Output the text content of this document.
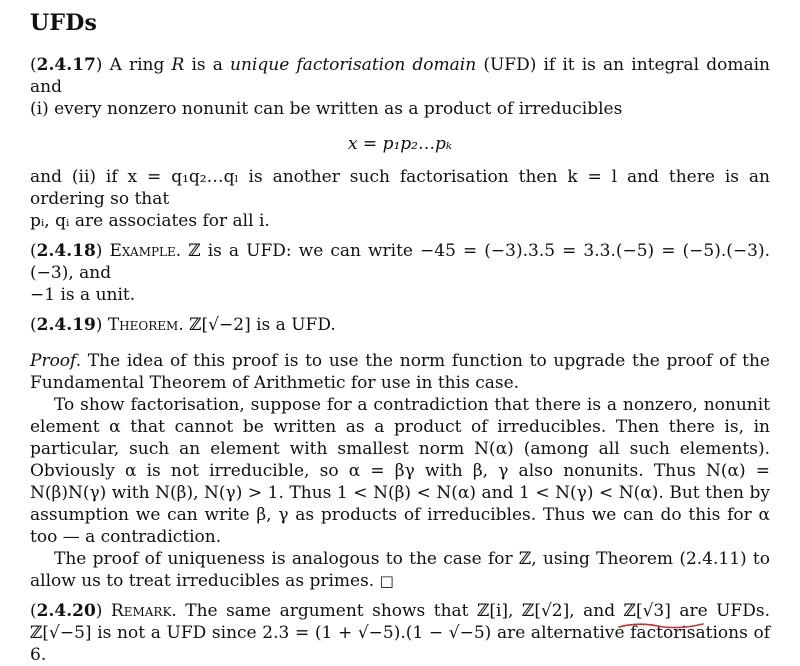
UFDs

(2.4.17) A ring R is a unique factorisation domain (UFD) if it is an integral domain and
(i) every nonzero nonunit can be written as a product of irreducibles

x = p₁p₂…pₖ

and (ii) if x = q₁q₂…qₗ is another such factorisation then k = l and there is an ordering so that
pᵢ, qᵢ are associates for all i.

(2.4.18) Example. ℤ is a UFD: we can write −45 = (−3).3.5 = 3.3.(−5) = (−5).(−3).(−3), and
−1 is a unit.

(2.4.19) Theorem. ℤ[√−2] is a UFD.

Proof. The idea of this proof is to use the norm function to upgrade the proof of the Fundamental Theorem of Arithmetic for use in this case.

To show factorisation, suppose for a contradiction that there is a nonzero, nonunit element α that cannot be written as a product of irreducibles. Then there is, in particular, such an element with smallest norm N(α) (among all such elements). Obviously α is not irreducible, so α = βγ with β, γ also nonunits. Thus N(α) = N(β)N(γ) with N(β), N(γ) > 1. Thus 1 < N(β) < N(α) and 1 < N(γ) < N(α). But then by assumption we can write β, γ as products of irreducibles. Thus we can do this for α too — a contradiction.

The proof of uniqueness is analogous to the case for ℤ, using Theorem (2.4.11) to allow us to treat irreducibles as primes. □

(2.4.20) Remark. The same argument shows that ℤ[i], ℤ[√2], and ℤ[√3]
are UFDs. ℤ[√−5] is not a UFD since 2.3 = (1 + √−5).(1 − √−5) are alternative factorisations of 6.
